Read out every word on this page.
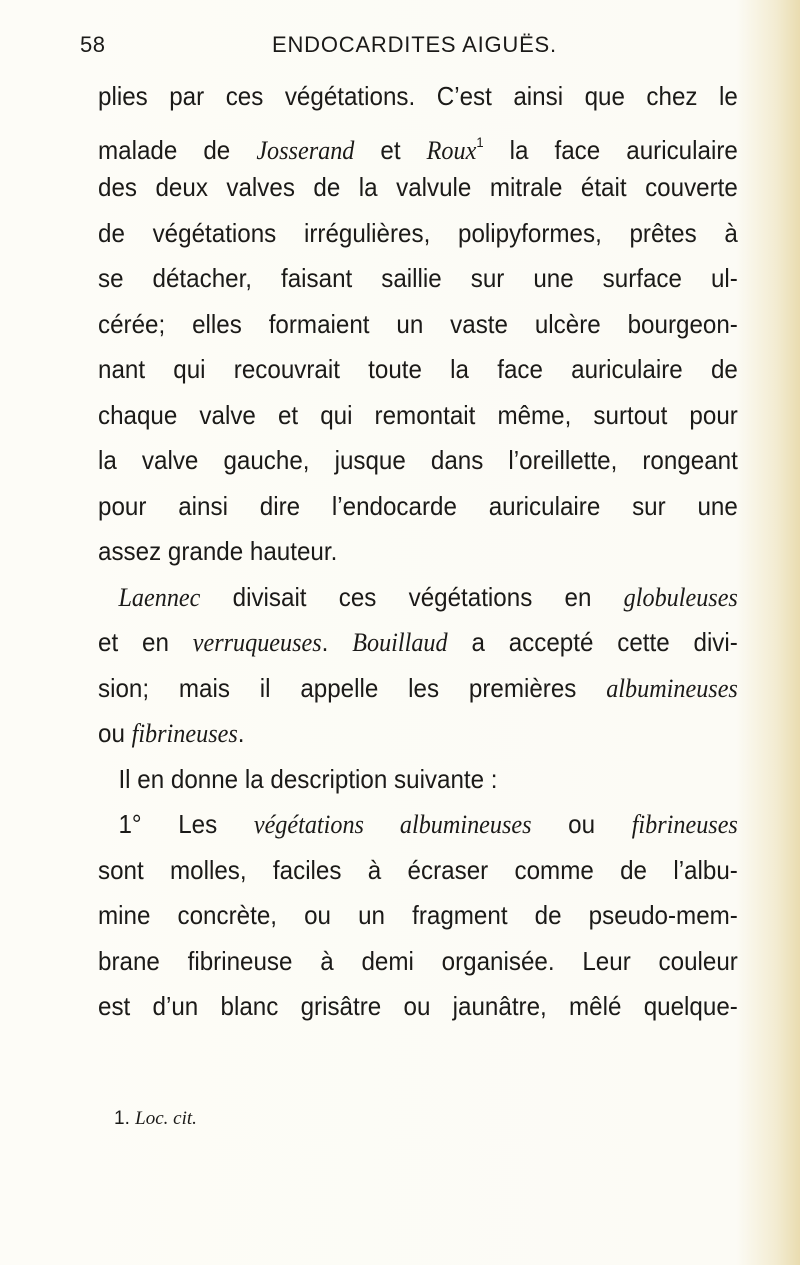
58	ENDOCARDITES AIGUËS.
plies par ces végétations. C’est ainsi que chez le
malade de Josserand et Roux$^1$ la face auriculaire
des deux valves de la valvule mitrale était couverte
de végétations irrégulières, polipyformes, prêtes à
se détacher, faisant saillie sur une surface ul-
cérée; elles formaient un vaste ulcère bourgeon-
nant qui recouvrait toute la face auriculaire de
chaque valve et qui remontait même, surtout pour
la valve gauche, jusque dans l’oreillette, rongeant
pour ainsi dire l’endocarde auriculaire sur une
assez grande hauteur.
Laennec divisait ces végétations en globuleuses
et en verruqueuses. Bouillaud a accepté cette divi-
sion; mais il appelle les premières albumineuses
ou fibrineuses.
Il en donne la description suivante :
1° Les végétations albumineuses ou fibrineuses
sont molles, faciles à écraser comme de l’albu-
mine concrète, ou un fragment de pseudo-mem-
brane fibrineuse à demi organisée. Leur couleur
est d’un blanc grisâtre ou jaunâtre, mêlé quelque-
1. Loc. cit.
